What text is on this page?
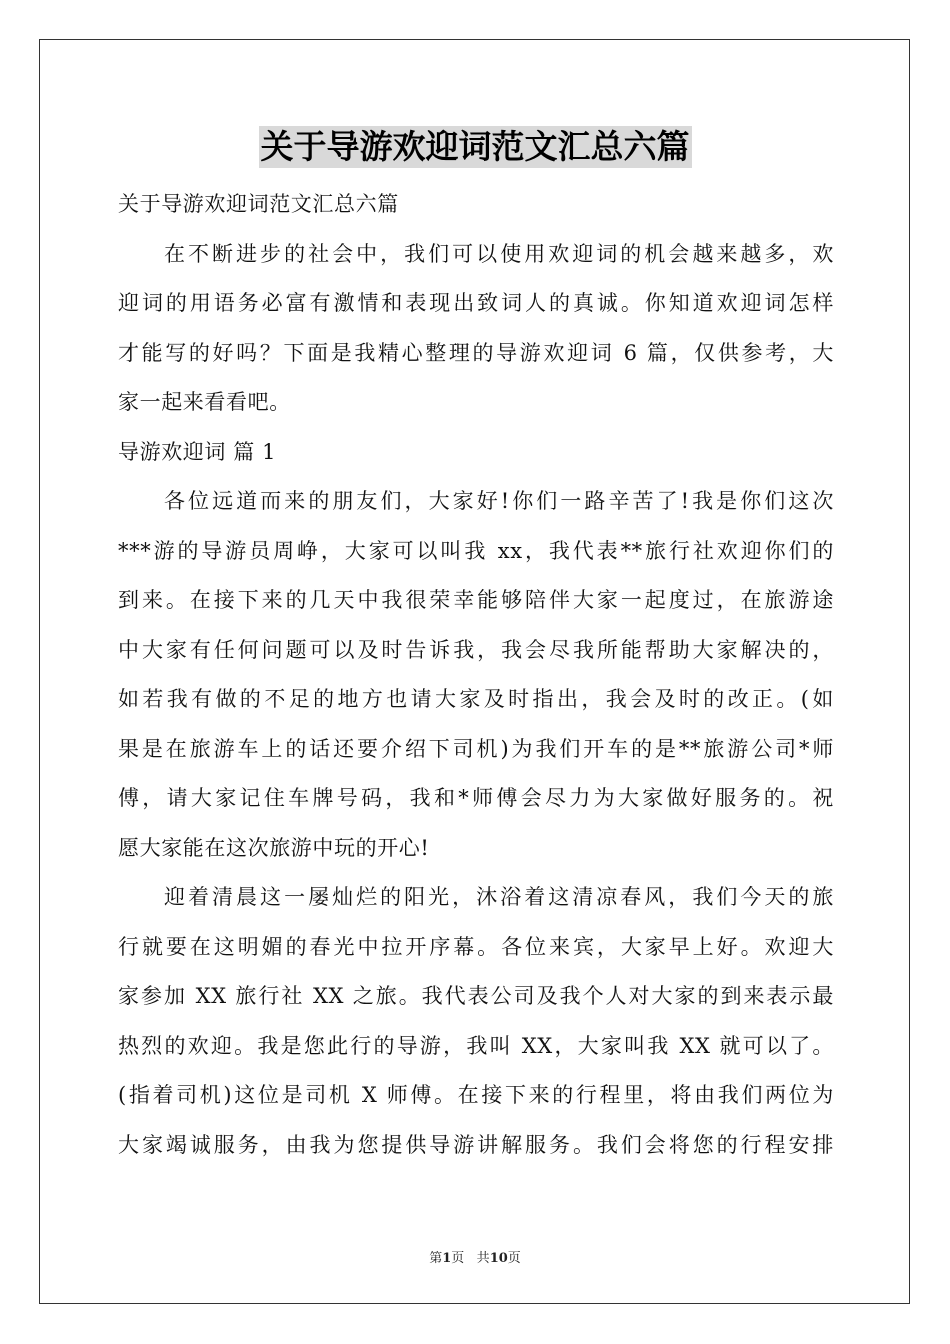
关于导游欢迎词范文汇总六篇
关于导游欢迎词范文汇总六篇
在不断进步的社会中，我们可以使用欢迎词的机会越来越多，欢
迎词的用语务必富有激情和表现出致词人的真诚。你知道欢迎词怎样
才能写的好吗？下面是我精心整理的导游欢迎词 6 篇，仅供参考，大
家一起来看看吧。
导游欢迎词 篇 1
各位远道而来的朋友们，大家好!你们一路辛苦了!我是你们这次
***游的导游员周峥，大家可以叫我 xx，我代表**旅行社欢迎你们的
到来。在接下来的几天中我很荣幸能够陪伴大家一起度过，在旅游途
中大家有任何问题可以及时告诉我，我会尽我所能帮助大家解决的，
如若我有做的不足的地方也请大家及时指出，我会及时的改正。(如
果是在旅游车上的话还要介绍下司机)为我们开车的是**旅游公司*师
傅，请大家记住车牌号码，我和*师傅会尽力为大家做好服务的。祝
愿大家能在这次旅游中玩的开心!
迎着清晨这一屡灿烂的阳光，沐浴着这清凉春风，我们今天的旅
行就要在这明媚的春光中拉开序幕。各位来宾，大家早上好。欢迎大
家参加 XX 旅行社 XX 之旅。我代表公司及我个人对大家的到来表示最
热烈的欢迎。我是您此行的导游，我叫 XX，大家叫我 XX 就可以了。
(指着司机)这位是司机 X 师傅。在接下来的行程里，将由我们两位为
大家竭诚服务，由我为您提供导游讲解服务。我们会将您的行程安排
第1页 共10页
